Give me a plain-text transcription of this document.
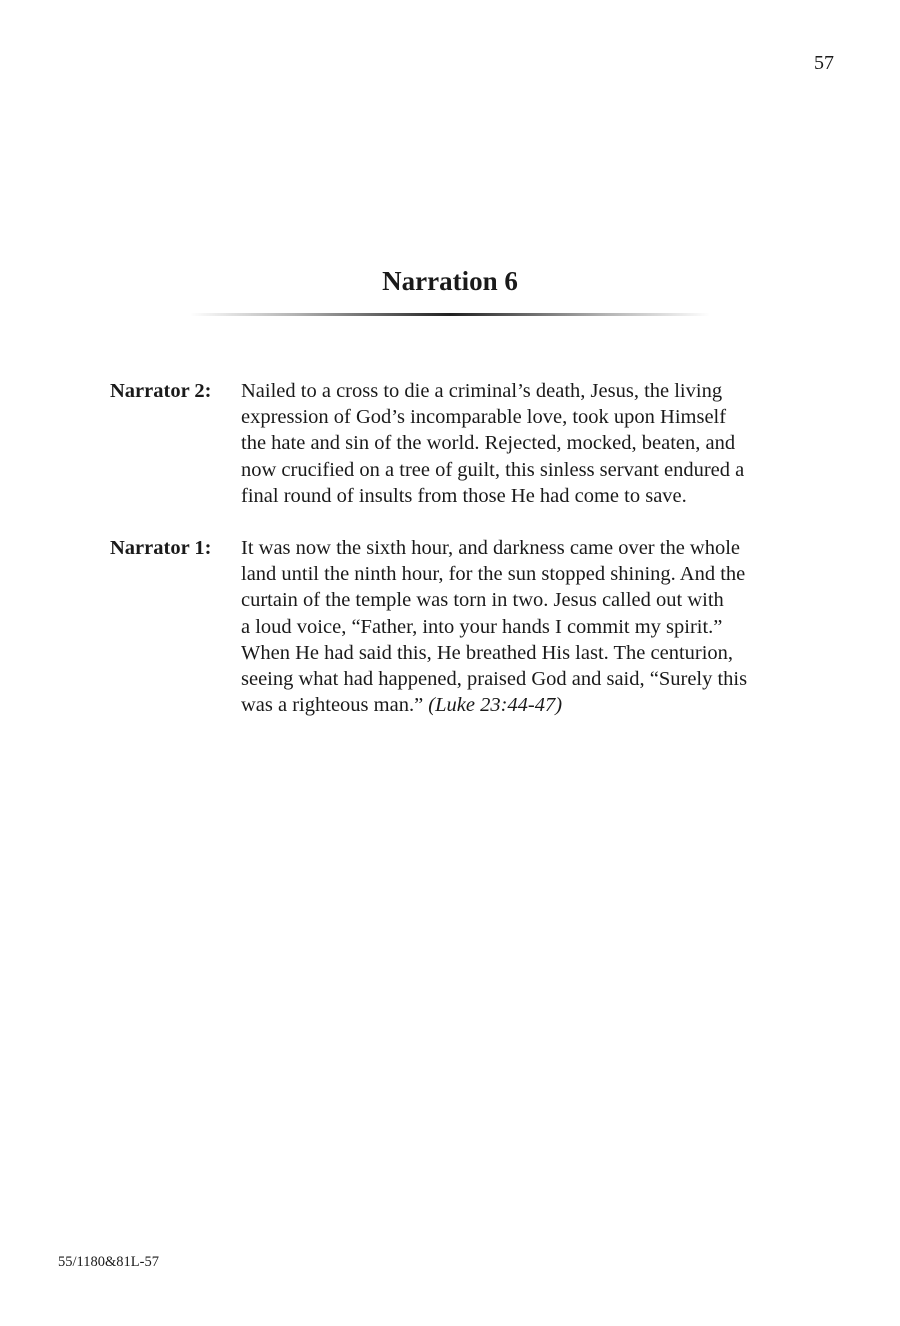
57
Narration 6
Narrator 2: Nailed to a cross to die a criminal’s death, Jesus, the living
expression of God’s incomparable love, took upon Himself
the hate and sin of the world. Rejected, mocked, beaten, and
now crucified on a tree of guilt, this sinless servant endured a
final round of insults from those He had come to save.
Narrator 1: It was now the sixth hour, and darkness came over the whole
land until the ninth hour, for the sun stopped shining. And the
curtain of the temple was torn in two. Jesus called out with
a loud voice, “Father, into your hands I commit my spirit.”
When He had said this, He breathed His last. The centurion,
seeing what had happened, praised God and said, “Surely this
was a righteous man.” (Luke 23:44-47)
55/1180&81L-57
